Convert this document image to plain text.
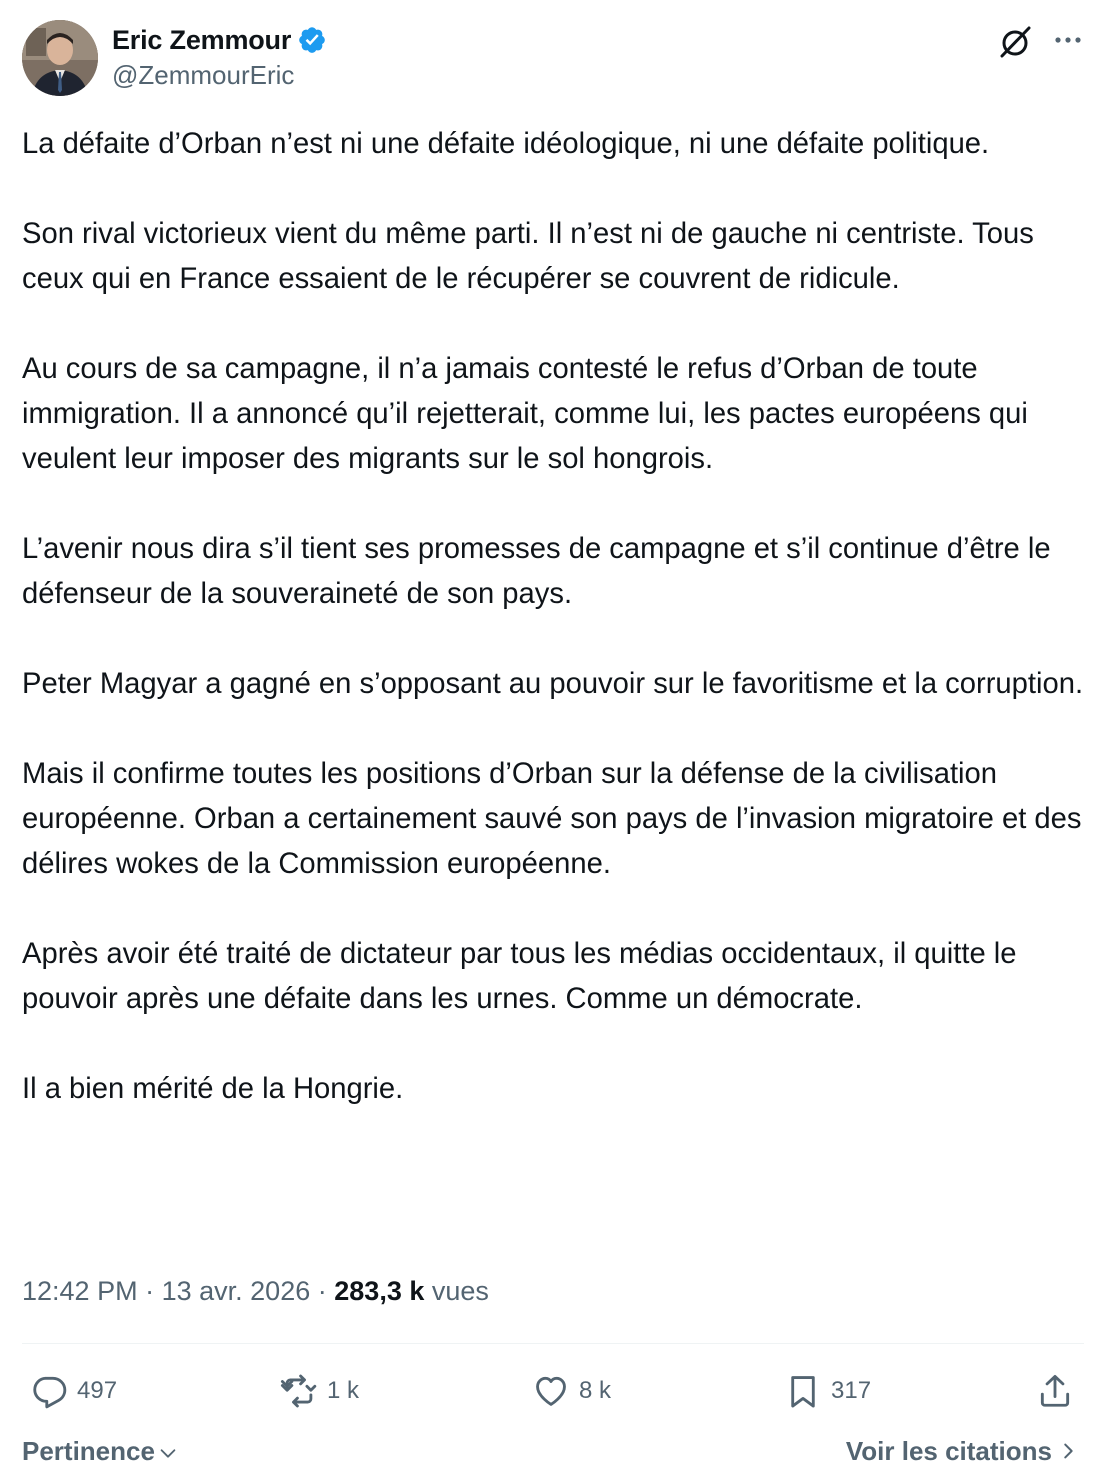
Eric Zemmour
@ZemmourEric

La défaite d’Orban n’est ni une défaite idéologique, ni une défaite politique.

Son rival victorieux vient du même parti. Il n’est ni de gauche ni centriste. Tous ceux qui en France essaient de le récupérer se couvrent de ridicule.

Au cours de sa campagne, il n’a jamais contesté le refus d’Orban de toute immigration. Il a annoncé qu’il rejetterait, comme lui, les pactes européens qui veulent leur imposer des migrants sur le sol hongrois.

L’avenir nous dira s’il tient ses promesses de campagne et s’il continue d’être le défenseur de la souveraineté de son pays.

Peter Magyar a gagné en s’opposant au pouvoir sur le favoritisme et la corruption.

Mais il confirme toutes les positions d’Orban sur la défense de la civilisation européenne. Orban a certainement sauvé son pays de l’invasion migratoire et des délires wokes de la Commission européenne.

Après avoir été traité de dictateur par tous les médias occidentaux, il quitte le pouvoir après une défaite dans les urnes. Comme un démocrate.

Il a bien mérité de la Hongrie.

12:42 PM · 13 avr. 2026 · 283,3 k vues
497	1 k	8 k	317
Pertinence	Voir les citations
